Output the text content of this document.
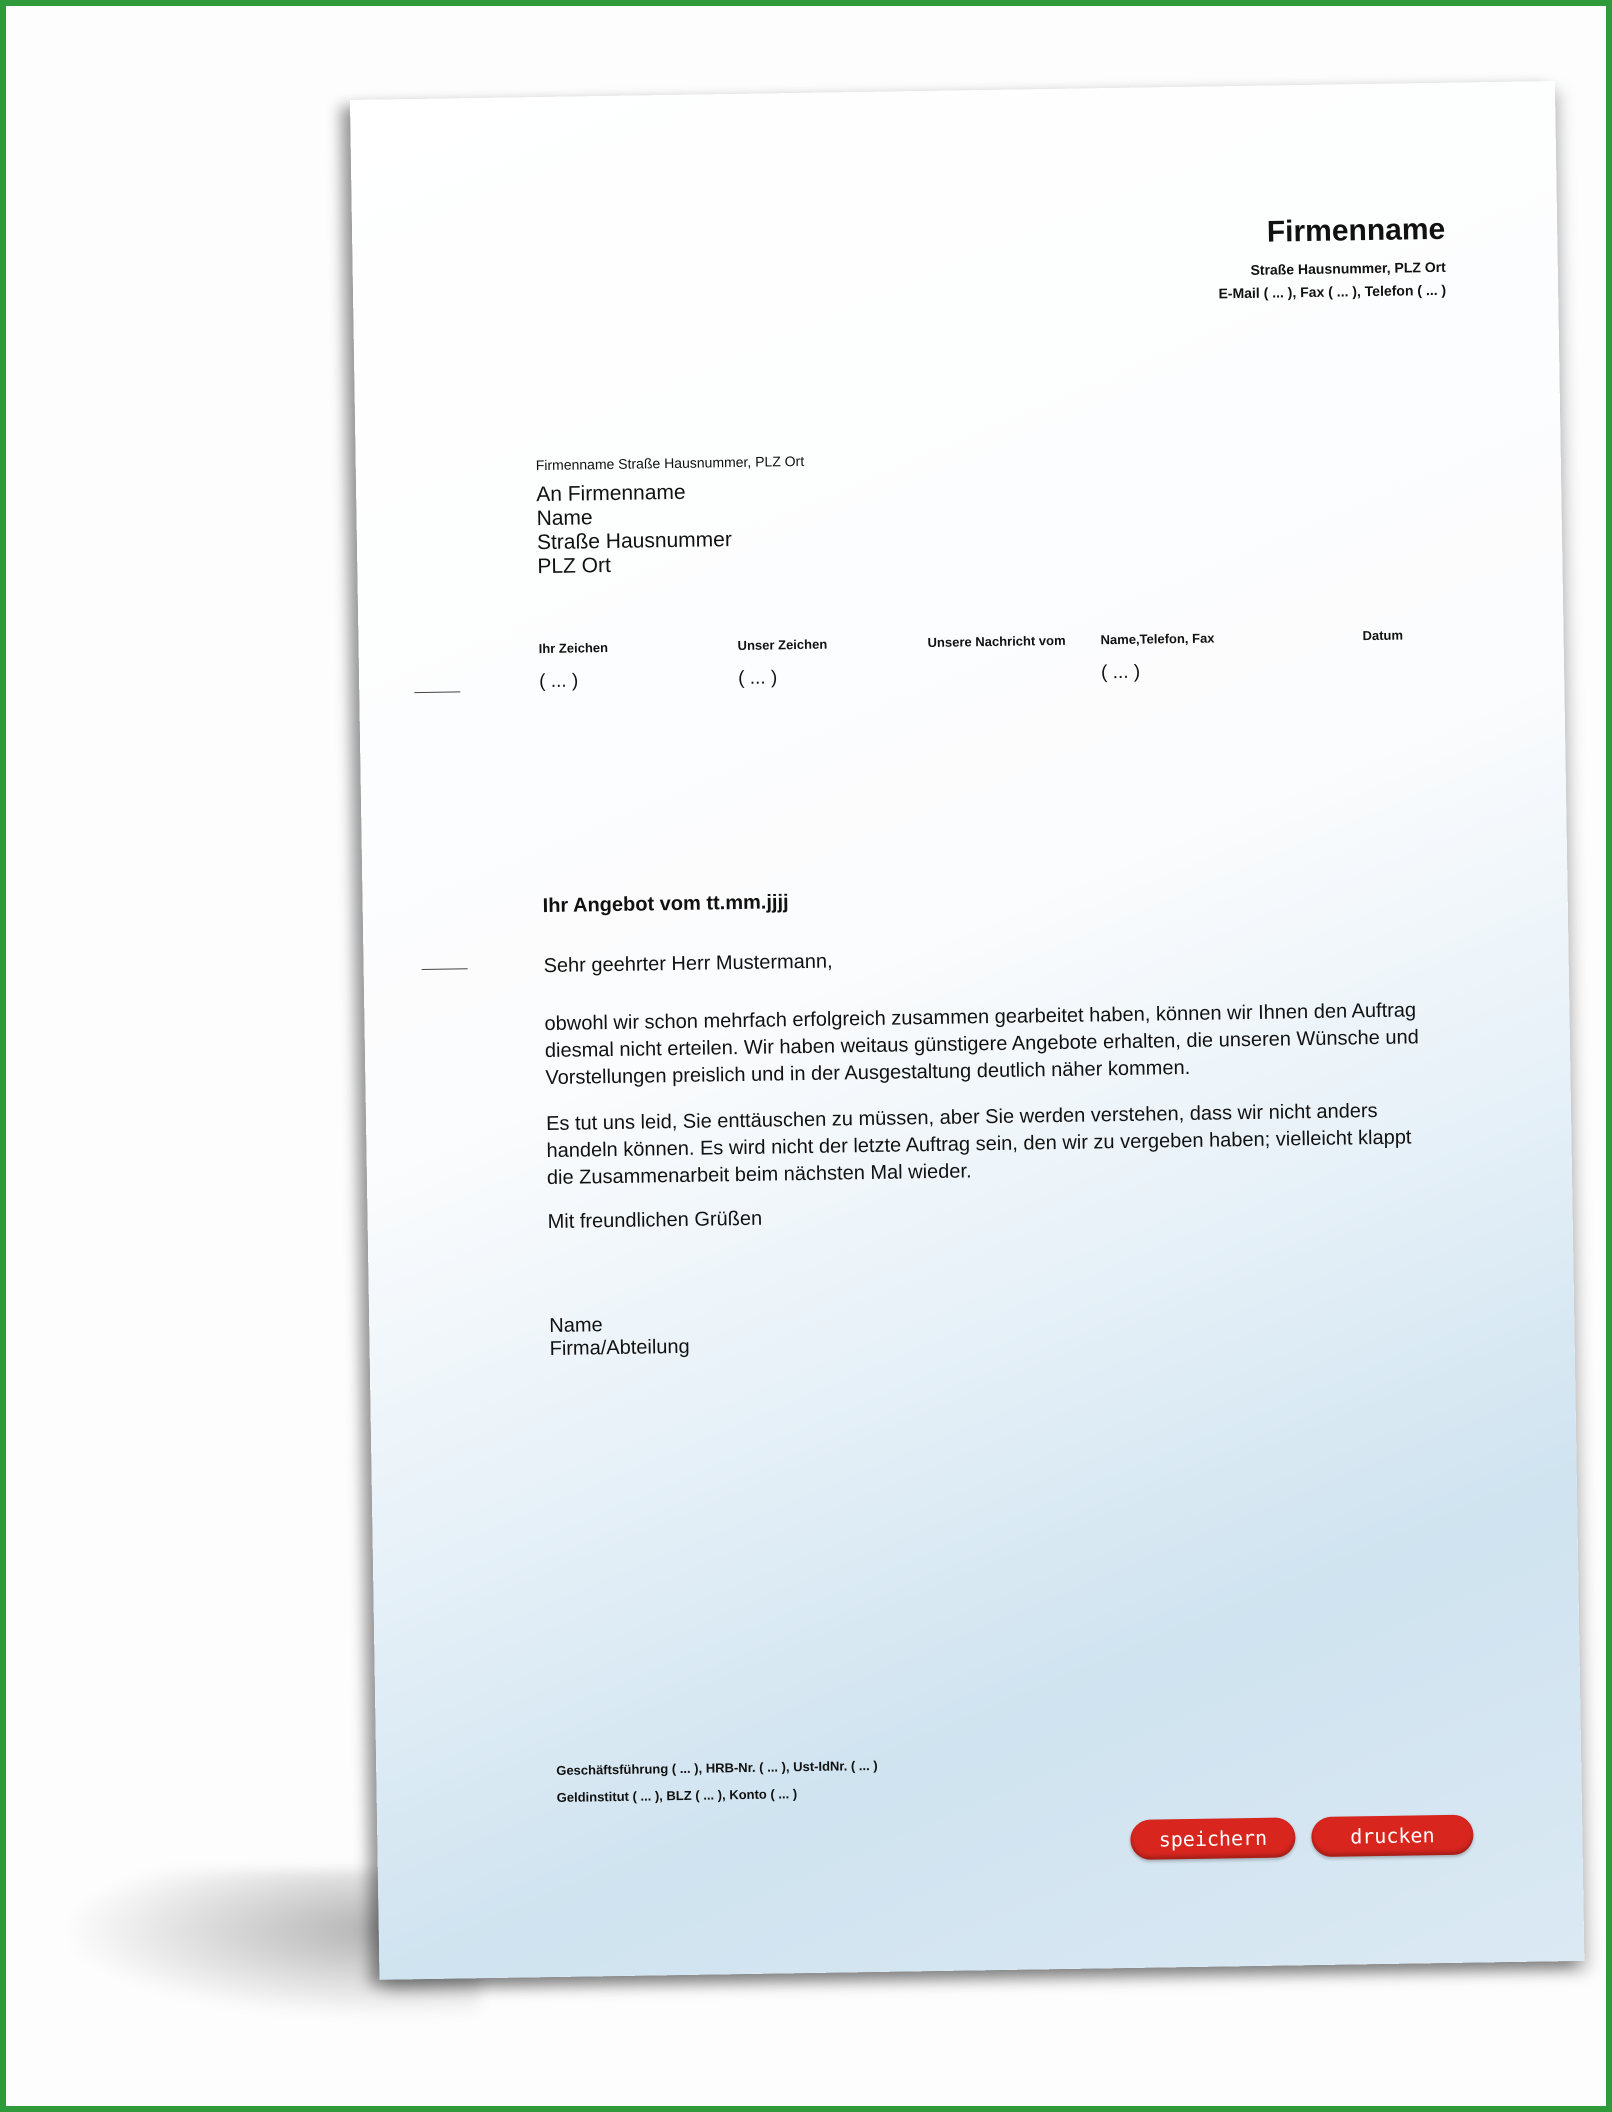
Firmenname
Straße Hausnummer, PLZ Ort
E-Mail ( ... ), Fax ( ... ), Telefon ( ... )
Firmenname Straße Hausnummer, PLZ Ort
An Firmenname
Name
Straße Hausnummer
PLZ Ort
Ihr Zeichen
( ... )
Unser Zeichen
( ... )
Unsere Nachricht vom	Name,Telefon, Fax
( ... )
Datum
Ihr Angebot vom tt.mm.jjjj
Sehr geehrter Herr Mustermann,
obwohl wir schon mehrfach erfolgreich zusammen gearbeitet haben, können wir Ihnen den Auftrag diesmal nicht erteilen. Wir haben weitaus günstigere Angebote erhalten, die unseren Wünsche und Vorstellungen preislich und in der Ausgestaltung deutlich näher kommen.
Es tut uns leid, Sie enttäuschen zu müssen, aber Sie werden verstehen, dass wir nicht anders handeln können. Es wird nicht der letzte Auftrag sein, den wir zu vergeben haben; vielleicht klappt die Zusammenarbeit beim nächsten Mal wieder.
Mit freundlichen Grüßen
Name
Firma/Abteilung
Geschäftsführung ( ... ), HRB-Nr. ( ... ), Ust-IdNr. ( ... )
Geldinstitut ( ... ), BLZ ( ... ), Konto ( ... )
speichern	drucken
